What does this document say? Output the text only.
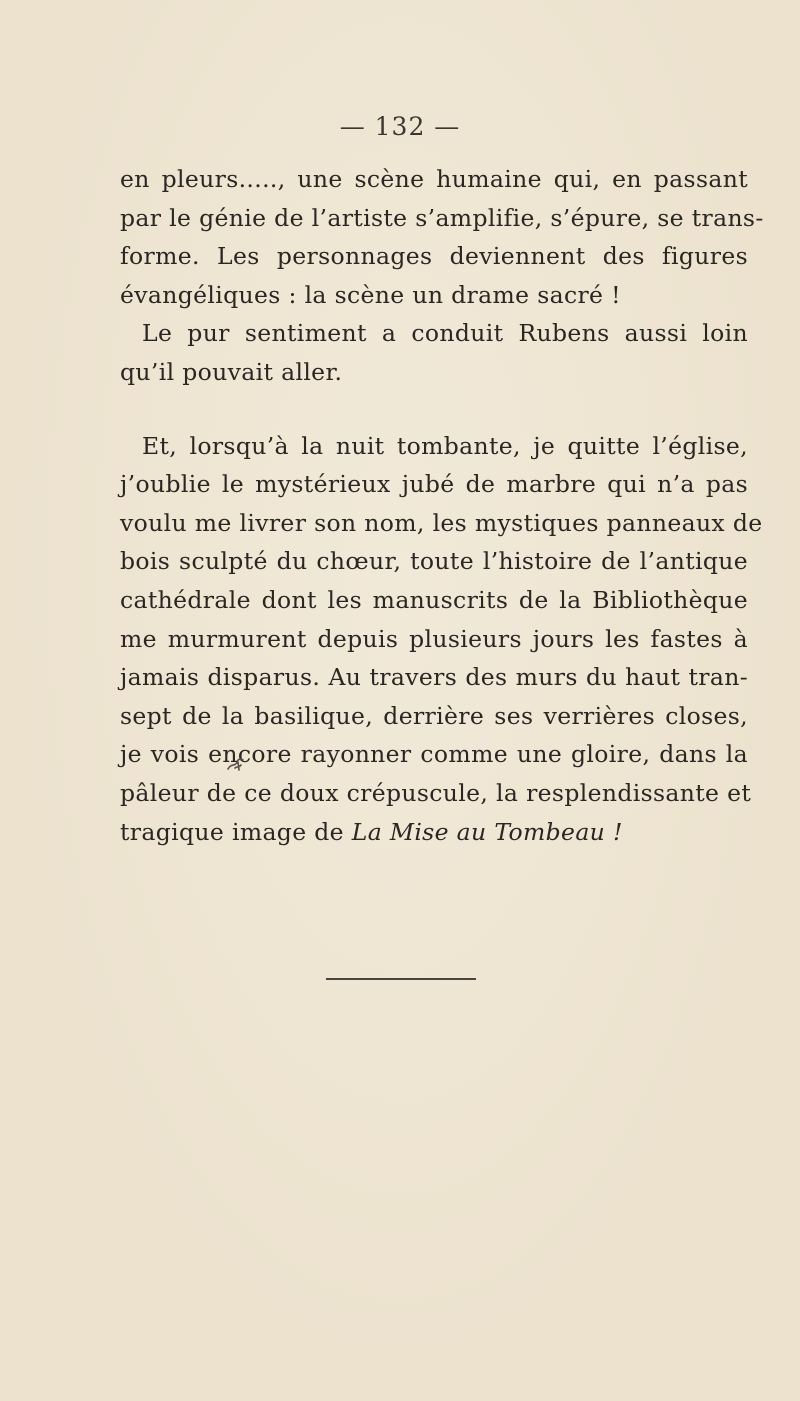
— 132 —
en pleurs....., une scène humaine qui, en passant
par le génie de l’artiste s’amplifie, s’épure, se trans-
forme. Les personnages deviennent des figures
évangéliques : la scène un drame sacré !
Le pur sentiment a conduit Rubens aussi loin
qu’il pouvait aller.
Et, lorsqu’à la nuit tombante, je quitte l’église,
j’oublie le mystérieux jubé de marbre qui n’a pas
voulu me livrer son nom, les mystiques panneaux de
bois sculpté du chœur, toute l’histoire de l’antique
cathédrale dont les manuscrits de la Bibliothèque
me murmurent depuis plusieurs jours les fastes à
jamais disparus. Au travers des murs du haut tran-
sept de la basilique, derrière ses verrières closes,
je vois encore rayonner comme une gloire, dans la
pâleur de ce doux crépuscule, la resplendissante et
tragique image de La Mise au Tombeau !
